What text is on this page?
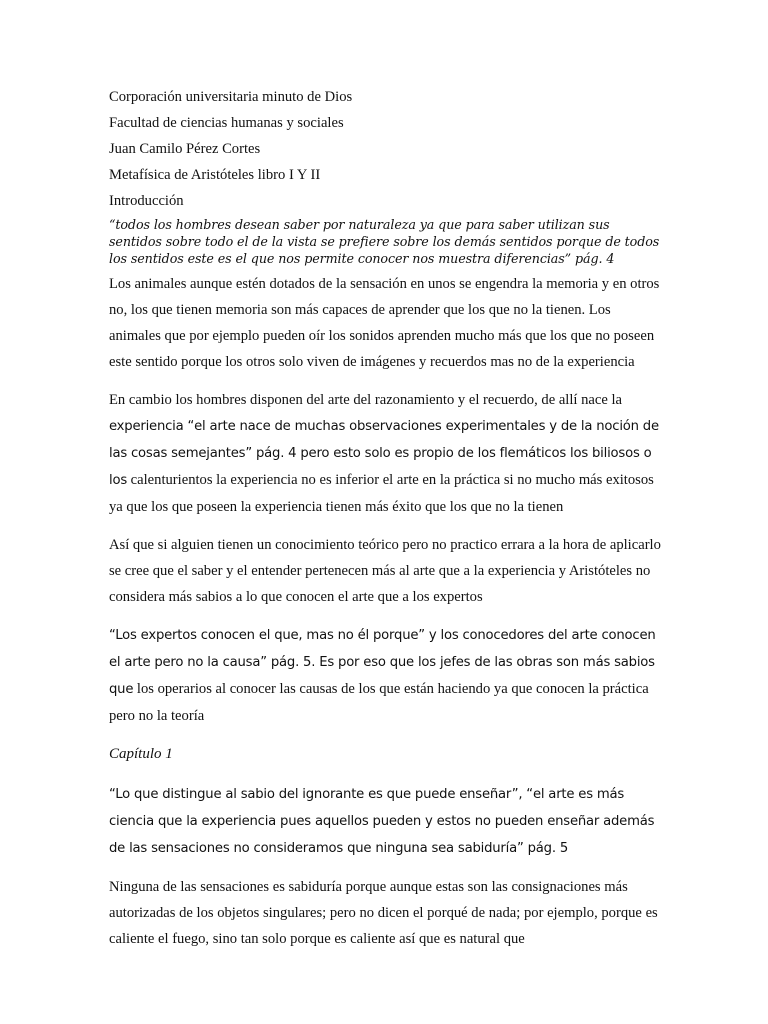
Corporación universitaria minuto de Dios
Facultad de ciencias humanas y sociales
Juan Camilo Pérez Cortes
Metafísica de Aristóteles libro I Y II
Introducción
“todos los hombres desean saber por naturaleza ya que para saber utilizan sus sentidos sobre todo el de la vista se prefiere sobre los demás sentidos porque de todos los sentidos este es el que nos permite conocer nos muestra diferencias” pág. 4

Los animales aunque estén dotados de la sensación en unos se engendra la memoria y en otros no, los que tienen memoria son más capaces de aprender que los que no la tienen. Los animales que por ejemplo pueden oír los sonidos aprenden mucho más que los que no poseen este sentido porque los otros solo viven de imágenes y recuerdos mas no de la experiencia

En cambio los hombres disponen del arte del razonamiento y el recuerdo, de allí nace la experiencia “el arte nace de muchas observaciones experimentales y de la noción de las cosas semejantes” pág. 4 pero esto solo es propio de los flemáticos los biliosos o los calenturientos la experiencia no es inferior el arte en la práctica si no mucho más exitosos ya que los que poseen la experiencia tienen más éxito que los que no la tienen

Así que si alguien tienen un conocimiento teórico pero no practico errara a la hora de aplicarlo se cree que el saber y el entender pertenecen más al arte que a la experiencia y Aristóteles no considera más sabios a lo que conocen el arte que a los expertos

“Los expertos conocen el que, mas no él porque” y los conocedores del arte conocen el arte pero no la causa” pág. 5. Es por eso que los jefes de las obras son más sabios que los operarios al conocer las causas de los que están haciendo ya que conocen la práctica pero no la teoría

Capítulo 1

“Lo que distingue al sabio del ignorante es que puede enseñar”, “el arte es más ciencia que la experiencia pues aquellos pueden y estos no pueden enseñar además de las sensaciones no consideramos que ninguna sea sabiduría” pág. 5

Ninguna de las sensaciones es sabiduría porque aunque estas son las consignaciones más autorizadas de los objetos singulares; pero no dicen el porqué de nada; por ejemplo, porque es caliente el fuego, sino tan solo porque es caliente así que es natural que
